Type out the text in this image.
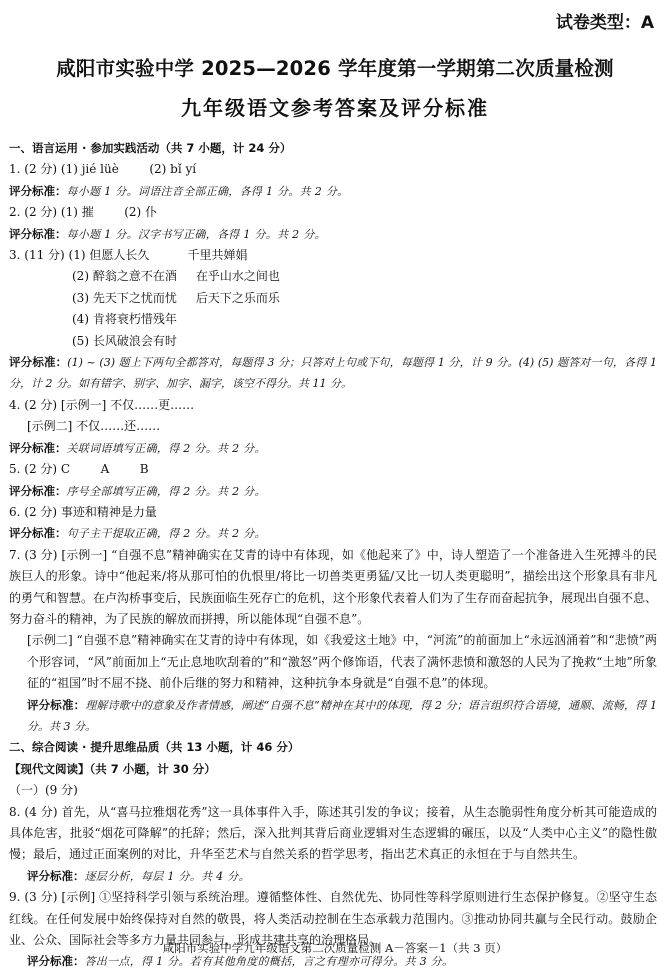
试卷类型：A
咸阳市实验中学 2025—2026 学年度第一学期第二次质量检测
九年级语文参考答案及评分标准
一、语言运用 · 参加实践活动（共 7 小题，计 24 分）
1. (2 分) (1) jié lüè        (2) bǐ yí
评分标准：每小题 1 分。词语注音全部正确，各得 1 分。共 2 分。
2. (2 分) (1) 摧        (2) 仆
评分标准：每小题 1 分。汉字书写正确，各得 1 分。共 2 分。
3. (11 分) (1) 但愿人长久          千里共婵娟
(2) 醉翁之意不在酒     在乎山水之间也
(3) 先天下之忧而忧     后天下之乐而乐
(4) 肯将衰朽惜残年
(5) 长风破浪会有时
评分标准：(1) ~ (3) 题上下两句全都答对，每题得 3 分；只答对上句或下句，每题得 1 分，计 9 分。(4) (5) 题答对一句，各得 1 分，计 2 分。如有错字、别字、加字、漏字，该空不得分。共 11 分。
4. (2 分) [示例一] 不仅……更……
[示例二] 不仅……还……
评分标准：关联词语填写正确，得 2 分。共 2 分。
5. (2 分) C        A        B
评分标准：序号全部填写正确，得 2 分。共 2 分。
6. (2 分) 事迹和精神是力量
评分标准：句子主干提取正确，得 2 分。共 2 分。
7. (3 分) [示例一] “自强不息”精神确实在艾青的诗中有体现，如《他起来了》中，诗人塑造了一个准备进入生死搏斗的民族巨人的形象。诗中“他起来/将从那可怕的仇恨里/将比一切兽类更勇猛/又比一切人类更聪明”，描绘出这个形象具有非凡的勇气和智慧。在卢沟桥事变后，民族面临生死存亡的危机，这个形象代表着人们为了生存而奋起抗争，展现出自强不息、努力奋斗的精神，为了民族的解放而拼搏，所以能体现“自强不息”。
[示例二] “自强不息”精神确实在艾青的诗中有体现，如《我爱这土地》中，“河流”的前面加上“永远汹涌着”和“悲愤”两个形容词，“风”前面加上“无止息地吹刮着的”和“激怒”两个修饰语，代表了满怀悲愤和激怒的人民为了挽救“土地”所象征的“祖国”时不屈不挠、前仆后继的努力和精神，这种抗争本身就是“自强不息”的体现。
评分标准：理解诗歌中的意象及作者情感，阐述“自强不息”精神在其中的体现，得 2 分；语言组织符合语境，通顺、流畅，得 1 分。共 3 分。
二、综合阅读 · 提升思维品质（共 13 小题，计 46 分）
【现代文阅读】（共 7 小题，计 30 分）
（一）(9 分)
8. (4 分) 首先，从“喜马拉雅烟花秀”这一具体事件入手，陈述其引发的争议；接着，从生态脆弱性角度分析其可能造成的具体危害，批驳“烟花可降解”的托辞；然后，深入批判其背后商业逻辑对生态逻辑的碾压，以及“人类中心主义”的隐性傲慢；最后，通过正面案例的对比，升华至艺术与自然关系的哲学思考，指出艺术真正的永恒在于与自然共生。
评分标准：逐层分析，每层 1 分。共 4 分。
9. (3 分) [示例] ①坚持科学引领与系统治理。遵循整体性、自然优先、协同性等科学原则进行生态保护修复。②坚守生态红线。在任何发展中始终保持对自然的敬畏，将人类活动控制在生态承载力范围内。③推动协同共赢与全民行动。鼓励企业、公众、国际社会等多方力量共同参与，形成共建共享的治理格局。
评分标准：答出一点，得 1 分。若有其他角度的概括，言之有理亦可得分。共 3 分。
咸阳市实验中学九年级语文第二次质量检测 A－答案－1（共 3 页）
